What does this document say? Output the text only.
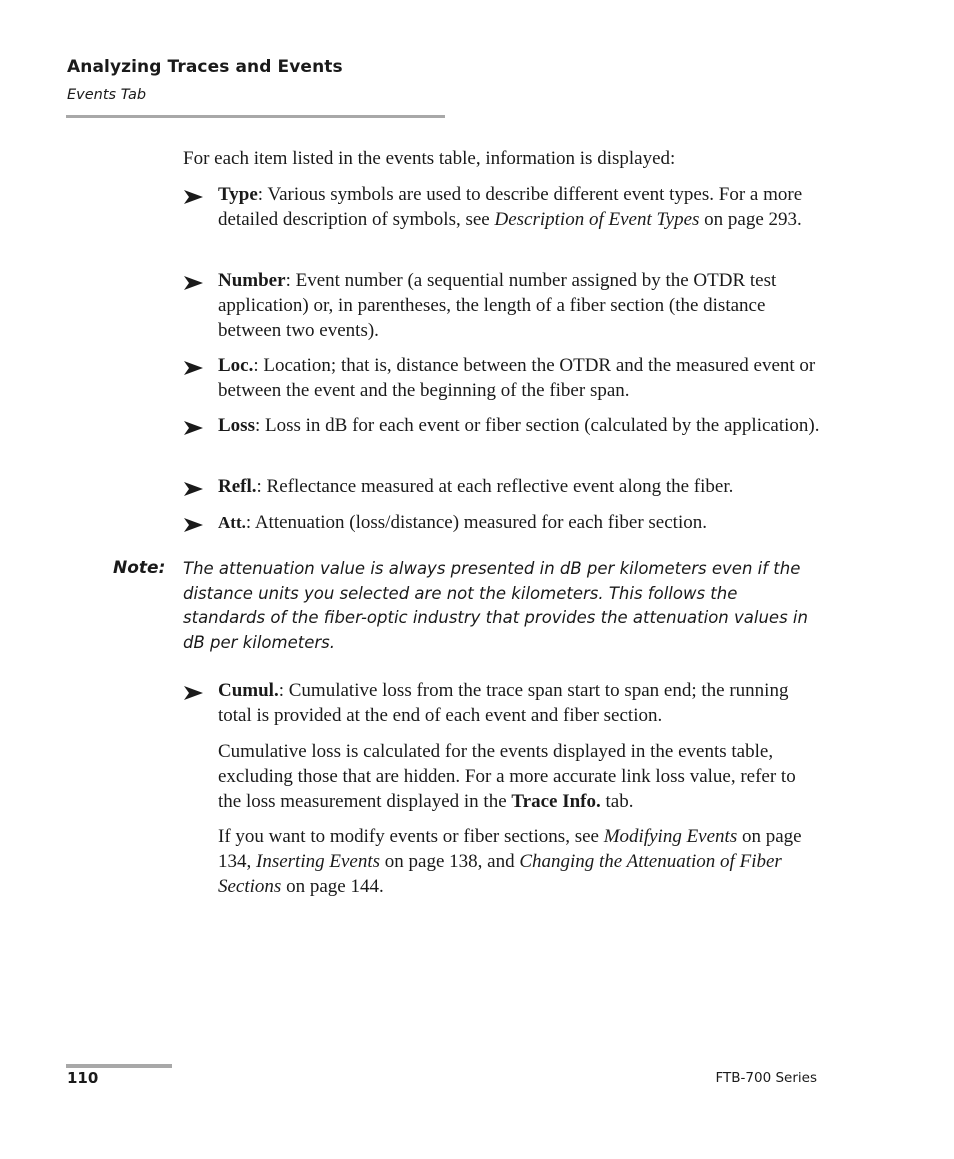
Analyzing Traces and Events
Events Tab
For each item listed in the events table, information is displayed:
Type: Various symbols are used to describe different event types. For a more detailed description of symbols, see Description of Event Types on page 293.
Number: Event number (a sequential number assigned by the OTDR test application) or, in parentheses, the length of a fiber section (the distance between two events).
Loc.: Location; that is, distance between the OTDR and the measured event or between the event and the beginning of the fiber span.
Loss: Loss in dB for each event or fiber section (calculated by the application).
Refl.: Reflectance measured at each reflective event along the fiber.
Att.: Attenuation (loss/distance) measured for each fiber section.
Note: The attenuation value is always presented in dB per kilometers even if the distance units you selected are not the kilometers. This follows the standards of the fiber-optic industry that provides the attenuation values in dB per kilometers.
Cumul.: Cumulative loss from the trace span start to span end; the running total is provided at the end of each event and fiber section.
Cumulative loss is calculated for the events displayed in the events table, excluding those that are hidden. For a more accurate link loss value, refer to the loss measurement displayed in the Trace Info. tab.
If you want to modify events or fiber sections, see Modifying Events on page 134, Inserting Events on page 138, and Changing the Attenuation of Fiber Sections on page 144.
110	FTB-700 Series
